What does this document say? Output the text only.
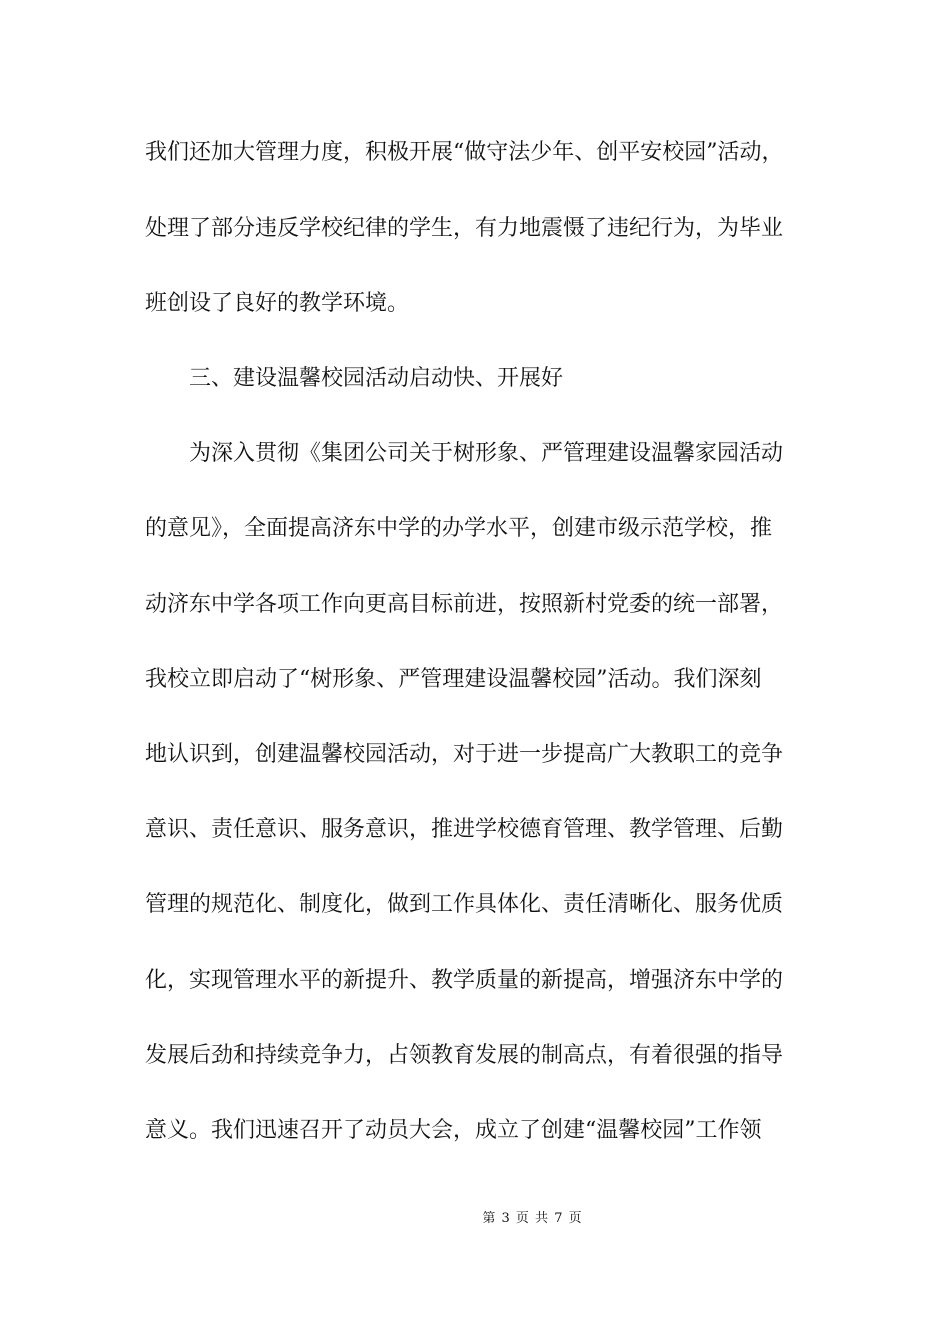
我们还加大管理力度，积极开展“做守法少年、创平安校园”活动，
处理了部分违反学校纪律的学生，有力地震慑了违纪行为，为毕业
班创设了良好的教学环境。
三、建设温馨校园活动启动快、开展好
为深入贯彻《集团公司关于树形象、严管理建设温馨家园活动
的意见》，全面提高济东中学的办学水平，创建市级示范学校，推
动济东中学各项工作向更高目标前进，按照新村党委的统一部署，
我校立即启动了“树形象、严管理建设温馨校园”活动。我们深刻
地认识到，创建温馨校园活动，对于进一步提高广大教职工的竞争
意识、责任意识、服务意识，推进学校德育管理、教学管理、后勤
管理的规范化、制度化，做到工作具体化、责任清晰化、服务优质
化，实现管理水平的新提升、教学质量的新提高，增强济东中学的
发展后劲和持续竞争力，占领教育发展的制高点，有着很强的指导
意义。我们迅速召开了动员大会，成立了创建“温馨校园”工作领
第 3 页 共 7 页
